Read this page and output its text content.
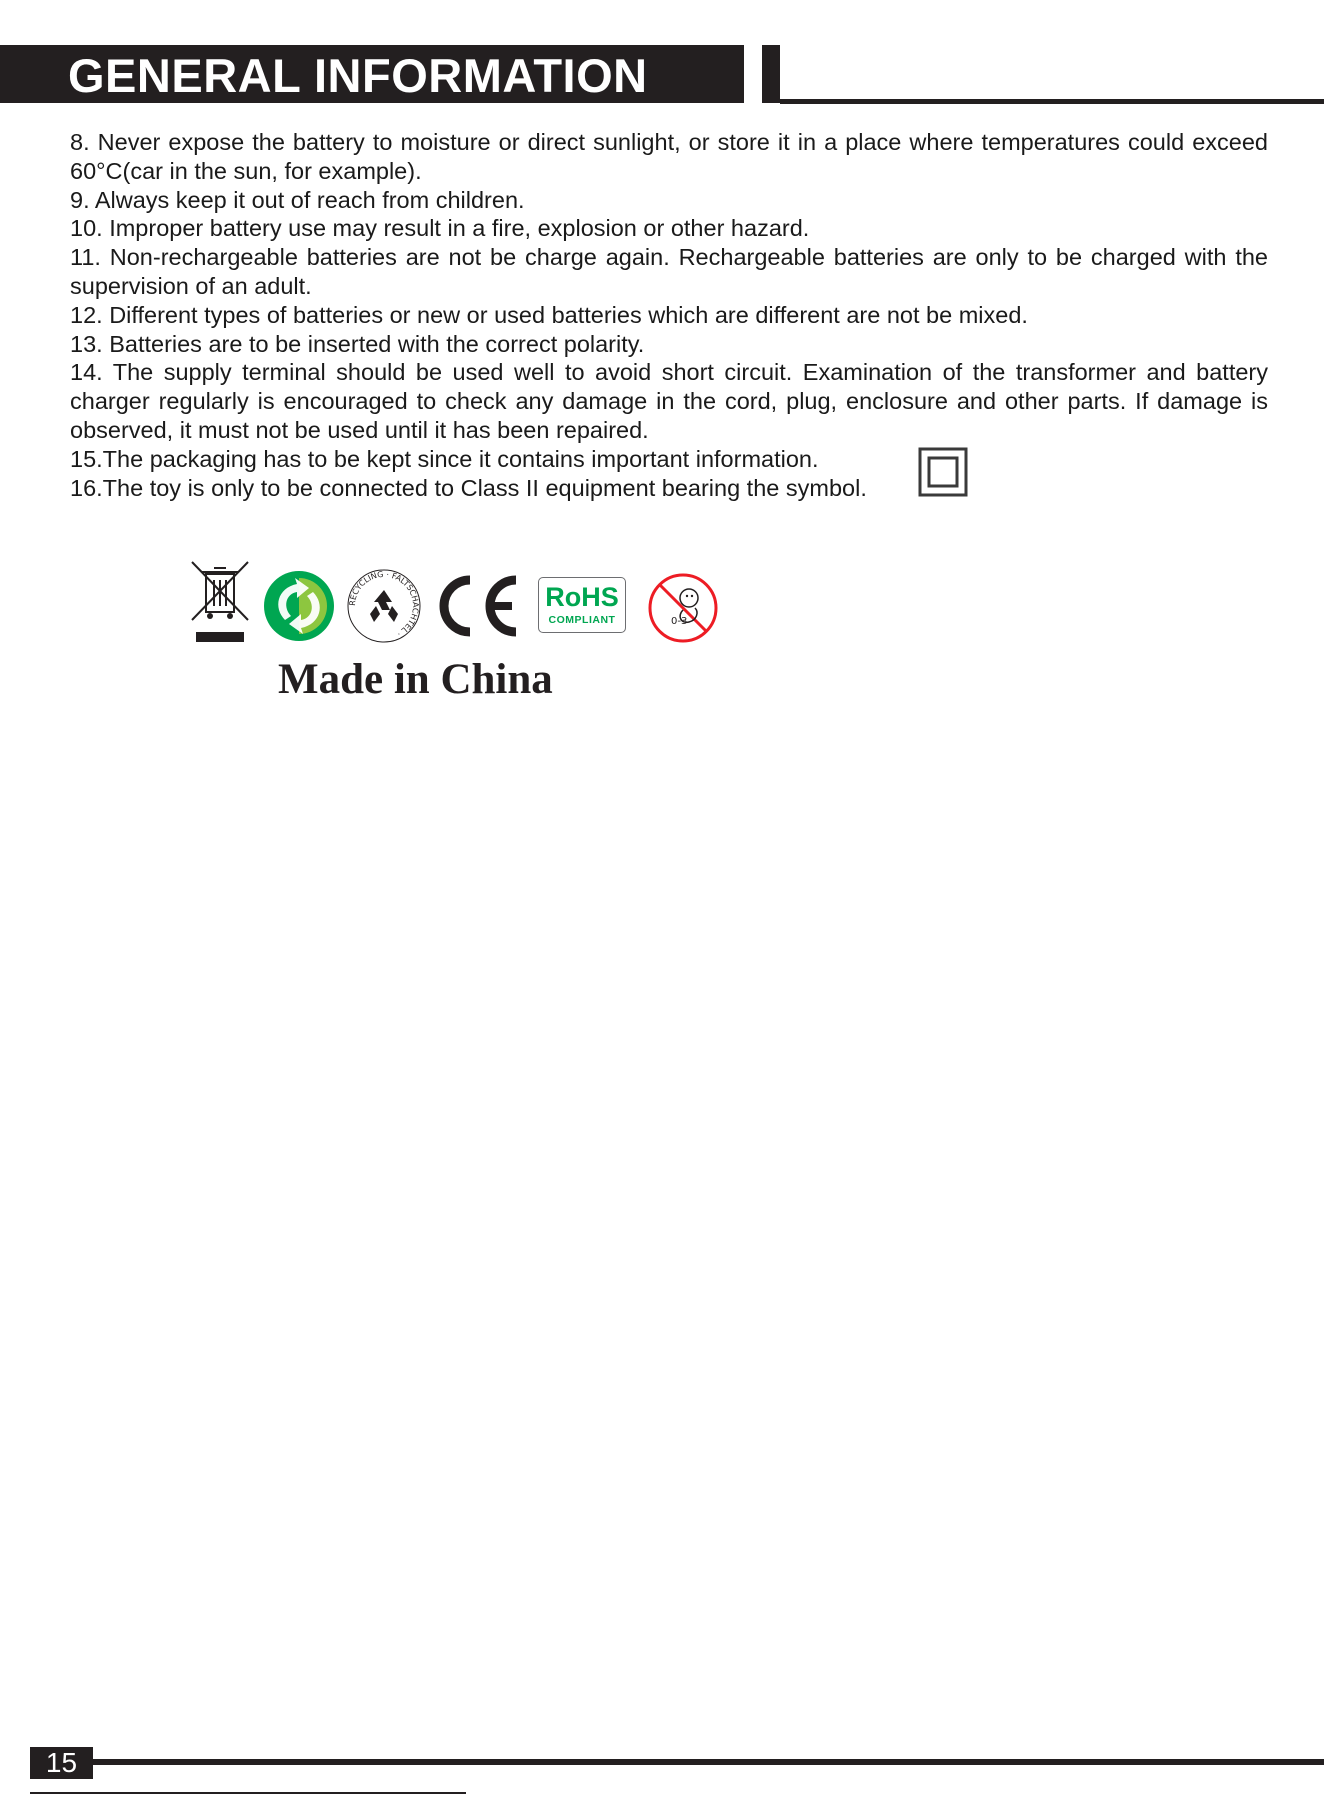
GENERAL INFORMATION

8. Never expose the battery to moisture or direct sunlight, or store it in a place where temperatures could exceed 60°C(car in the sun, for example).

9. Always keep it out of reach from children.

10. Improper battery use may result in a fire, explosion or other hazard.

11. Non-rechargeable batteries are not be charge again. Rechargeable batteries are only to be charged with the supervision of an adult.

12. Different types of batteries or new or used batteries which are different are not be mixed.

13. Batteries are to be inserted with the correct polarity.

14. The supply terminal should be used well to avoid short circuit. Examination of the transformer and battery charger regularly is encouraged to check any damage in the cord, plug, enclosure and other parts. If damage is observed, it must not be used until it has been repaired.

15.The packaging has to be kept since it contains important information.

16.The toy is only to be connected to Class II equipment bearing the symbol.

RECYCLING · FALTSCHACHTEL ·
RoHS
COMPLIANT	0-3
Made in China
15
